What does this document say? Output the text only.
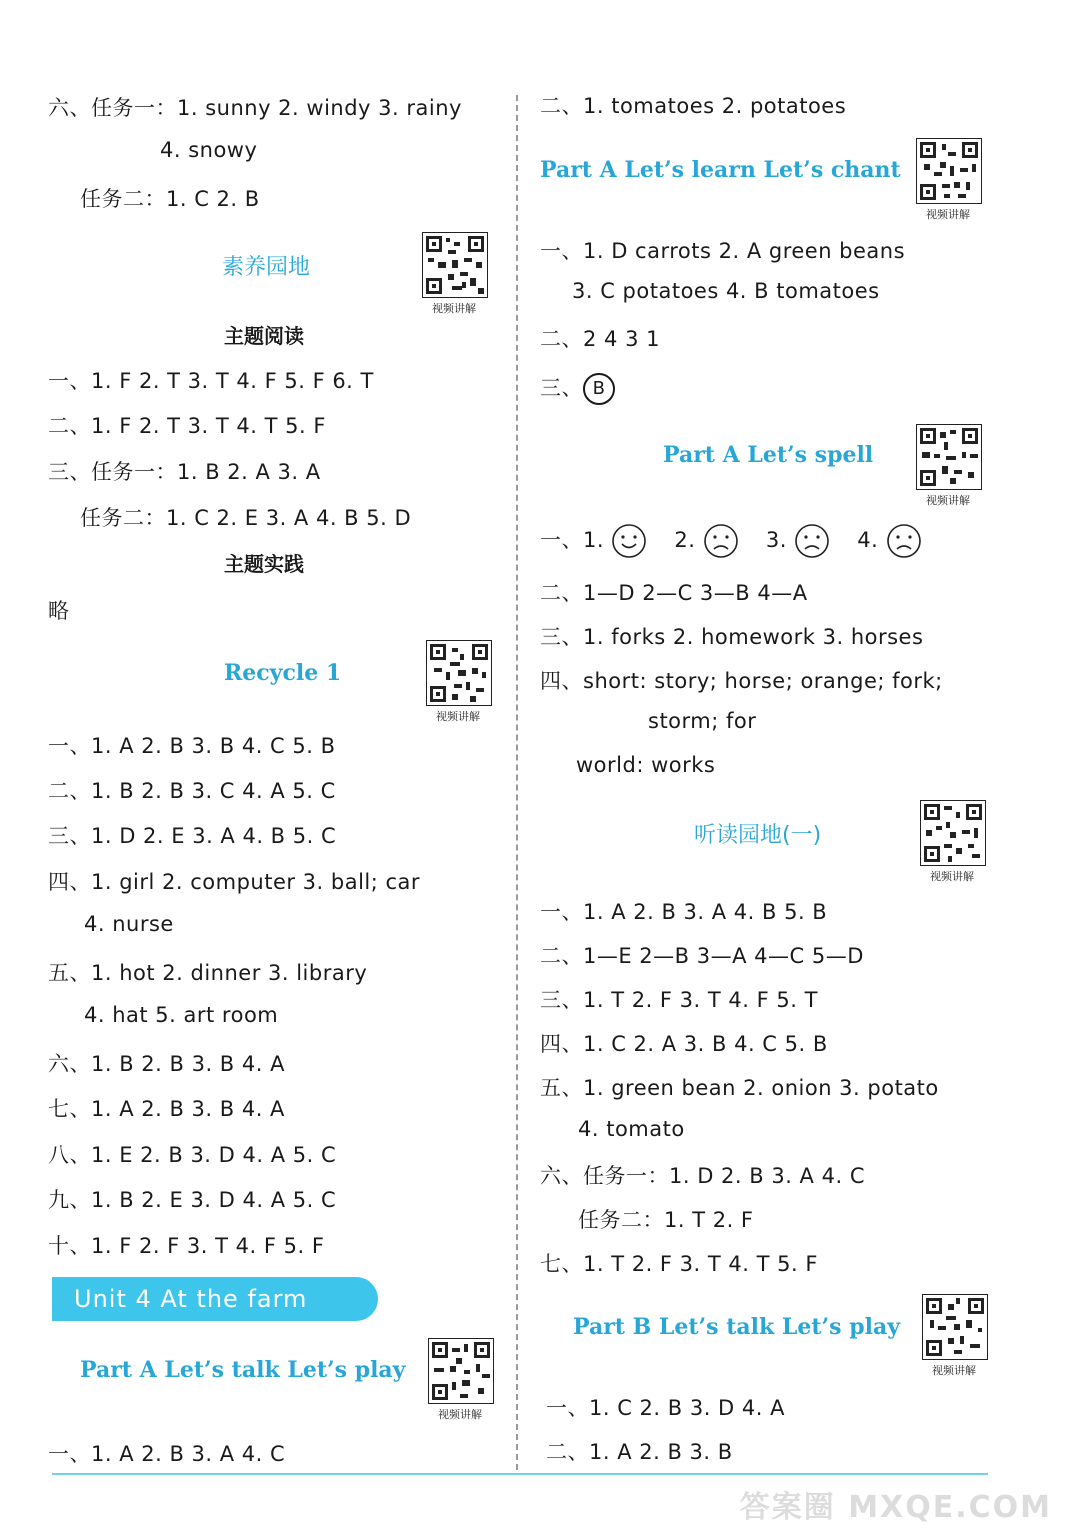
六、任务一：1. sunny 2. windy 3. rainy
4. snowy
任务二：1. C 2. B
素养园地
视频讲解
主题阅读
一、1. F 2. T 3. T 4. F 5. F 6. T
二、1. F 2. T 3. T 4. T 5. F
三、任务一：1. B 2. A 3. A
任务二：1. C 2. E 3. A 4. B 5. D
主题实践
略
Recycle 1
视频讲解
一、1. A 2. B 3. B 4. C 5. B
二、1. B 2. B 3. C 4. A 5. C
三、1. D 2. E 3. A 4. B 5. C
四、1. girl 2. computer 3. ball; car
4. nurse
五、1. hot 2. dinner 3. library
4. hat 5. art room
六、1. B 2. B 3. B 4. A
七、1. A 2. B 3. B 4. A
八、1. E 2. B 3. D 4. A 5. C
九、1. B 2. E 3. D 4. A 5. C
十、1. F 2. F 3. T 4. F 5. F
Unit 4 At the farm
Part A Let’s talk Let’s play
视频讲解
一、1. A 2. B 3. A 4. C
二、1. tomatoes 2. potatoes
Part A Let’s learn Let’s chant
视频讲解
一、1. D carrots 2. A green beans
3. C potatoes 4. B tomatoes
二、2 4 3 1
三、 B
Part A Let’s spell
视频讲解
一、1.	2.	3.	4.
二、1—D 2—C 3—B 4—A
三、1. forks 2. homework 3. horses
四、short: story; horse; orange; fork;
storm; for
world: works
听读园地(一)
视频讲解
一、1. A 2. B 3. A 4. B 5. B
二、1—E 2—B 3—A 4—C 5—D
三、1. T 2. F 3. T 4. F 5. T
四、1. C 2. A 3. B 4. C 5. B
五、1. green bean 2. onion 3. potato
4. tomato
六、任务一：1. D 2. B 3. A 4. C
任务二：1. T 2. F
七、1. T 2. F 3. T 4. T 5. F
Part B Let’s talk Let’s play
视频讲解
一、1. C 2. B 3. D 4. A
二、1. A 2. B 3. B
答案圈 MXQE.COM
